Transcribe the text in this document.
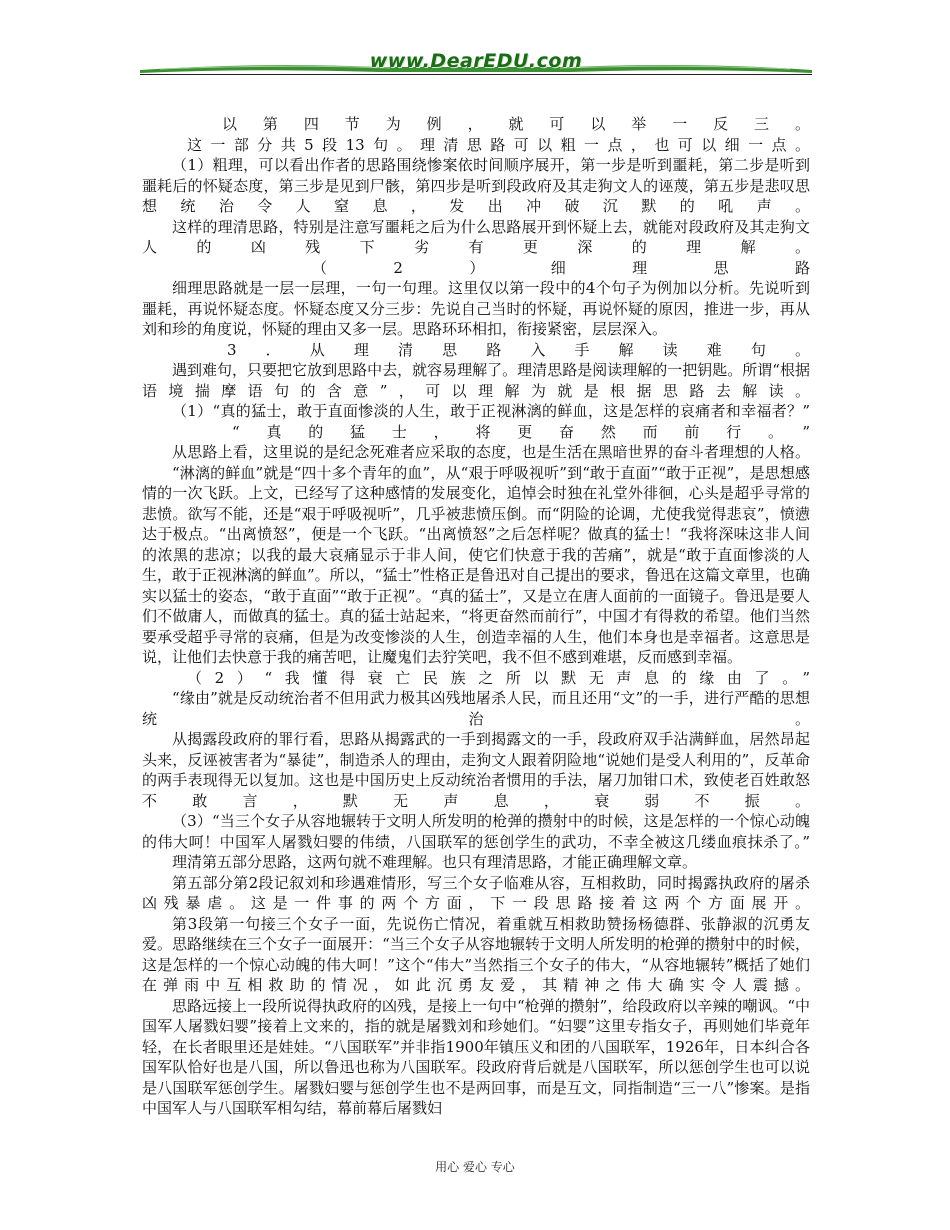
www.DearEDU.com

以第四节为例，就可以举一反三。

这一部分共5段13句。理清思路可以粗一点，也可以细一点。

（1）粗理，可以看出作者的思路围绕惨案依时间顺序展开，第一步是听到噩耗，第二步是听到噩耗后的怀疑态度，第三步是见到尸骸，第四步是听到段政府及其走狗文人的诬蔑，第五步是悲叹思想统治令人窒息，发出冲破沉默的吼声。

这样的理清思路，特别是注意写噩耗之后为什么思路展开到怀疑上去，就能对段政府及其走狗文人的凶残下劣有更深的理解。

（2）细理思路

细理思路就是一层一层理，一句一句理。这里仅以第一段中的4个句子为例加以分析。先说听到噩耗，再说怀疑态度。怀疑态度又分三步：先说自己当时的怀疑，再说怀疑的原因，推进一步，再从刘和珍的角度说，怀疑的理由又多一层。思路环环相扣，衔接紧密，层层深入。

3．从理清思路入手解读难句。

遇到难句，只要把它放到思路中去，就容易理解了。理清思路是阅读理解的一把钥匙。所谓“根据语境揣摩语句的含意”，可以理解为就是根据思路去解读。

（1）“真的猛士，敢于直面惨淡的人生，敢于正视淋漓的鲜血，这是怎样的哀痛者和幸福者？”

“真的猛士，将更奋然而前行。”

从思路上看，这里说的是纪念死难者应采取的态度，也是生活在黑暗世界的奋斗者理想的人格。

“淋漓的鲜血”就是“四十多个青年的血”，从“艰于呼吸视听”到“敢于直面”“敢于正视”，是思想感情的一次飞跃。上文，已经写了这种感情的发展变化，追悼会时独在礼堂外徘徊，心头是超乎寻常的悲愤。欲写不能，还是“艰于呼吸视听”，几乎被悲愤压倒。而“阴险的论调，尤使我觉得悲哀”，愤懑达于极点。“出离愤怒”，便是一个飞跃。“出离愤怒”之后怎样呢？做真的猛士！“我将深味这非人间的浓黑的悲凉；以我的最大哀痛显示于非人间，使它们快意于我的苦痛”，就是“敢于直面惨淡的人生，敢于正视淋漓的鲜血”。所以，“猛士”性格正是鲁迅对自己提出的要求，鲁迅在这篇文章里，也确实以猛士的姿态，“敢于直面”“敢于正视”。“真的猛士”，又是立在唐人面前的一面镜子。鲁迅是要人们不做庸人，而做真的猛士。真的猛士站起来，“将更奋然而前行”，中国才有得救的希望。他们当然要承受超乎寻常的哀痛，但是为改变惨淡的人生，创造幸福的人生，他们本身也是幸福者。这意思是说，让他们去快意于我的痛苦吧，让魔鬼们去狞笑吧，我不但不感到难堪，反而感到幸福。

（2）“我懂得衰亡民族之所以默无声息的缘由了。”

“缘由”就是反动统治者不但用武力极其凶残地屠杀人民，而且还用“文”的一手，进行严酷的思想统治。

从揭露段政府的罪行看，思路从揭露武的一手到揭露文的一手，段政府双手沾满鲜血，居然昂起头来，反诬被害者为“暴徒”，制造杀人的理由，走狗文人跟着阴险地“说她们是受人利用的”，反革命的两手表现得无以复加。这也是中国历史上反动统治者惯用的手法，屠刀加钳口术，致使老百姓敢怒不敢言，默无声息，衰弱不振。

（3）“当三个女子从容地辗转于文明人所发明的枪弹的攒射中的时候，这是怎样的一个惊心动魄的伟大呵！中国军人屠戮妇婴的伟绩，八国联军的惩创学生的武功，不幸全被这几缕血痕抹杀了。”

理清第五部分思路，这两句就不难理解。也只有理清思路，才能正确理解文章。

第五部分第2段记叙刘和珍遇难情形，写三个女子临难从容，互相救助，同时揭露执政府的屠杀凶残暴虐。这是一件事的两个方面，下一段思路接着这两个方面展开。

第3段第一句接三个女子一面，先说伤亡情况，着重就互相救助赞扬杨德群、张静淑的沉勇友爱。思路继续在三个女子一面展开：“当三个女子从容地辗转于文明人所发明的枪弹的攒射中的时候，这是怎样的一个惊心动魄的伟大呵！”这个“伟大”当然指三个女子的伟大，“从容地辗转”概括了她们在弹雨中互相救助的情况，如此沉勇友爱，其精神之伟大确实令人震撼。

思路远接上一段所说得执政府的凶残，是接上一句中“枪弹的攒射”，给段政府以辛辣的嘲讽。“中国军人屠戮妇婴”接着上文来的，指的就是屠戮刘和珍她们。“妇婴”这里专指女子，再则她们毕竟年轻，在长者眼里还是娃娃。“八国联军”并非指1900年镇压义和团的八国联军，1926年，日本纠合各国军队恰好也是八国，所以鲁迅也称为八国联军。段政府背后就是八国联军，所以惩创学生也可以说是八国联军惩创学生。屠戮妇婴与惩创学生也不是两回事，而是互文，同指制造“三一八”惨案。是指中国军人与八国联军相勾结，幕前幕后屠戮妇

用心 爱心 专心
